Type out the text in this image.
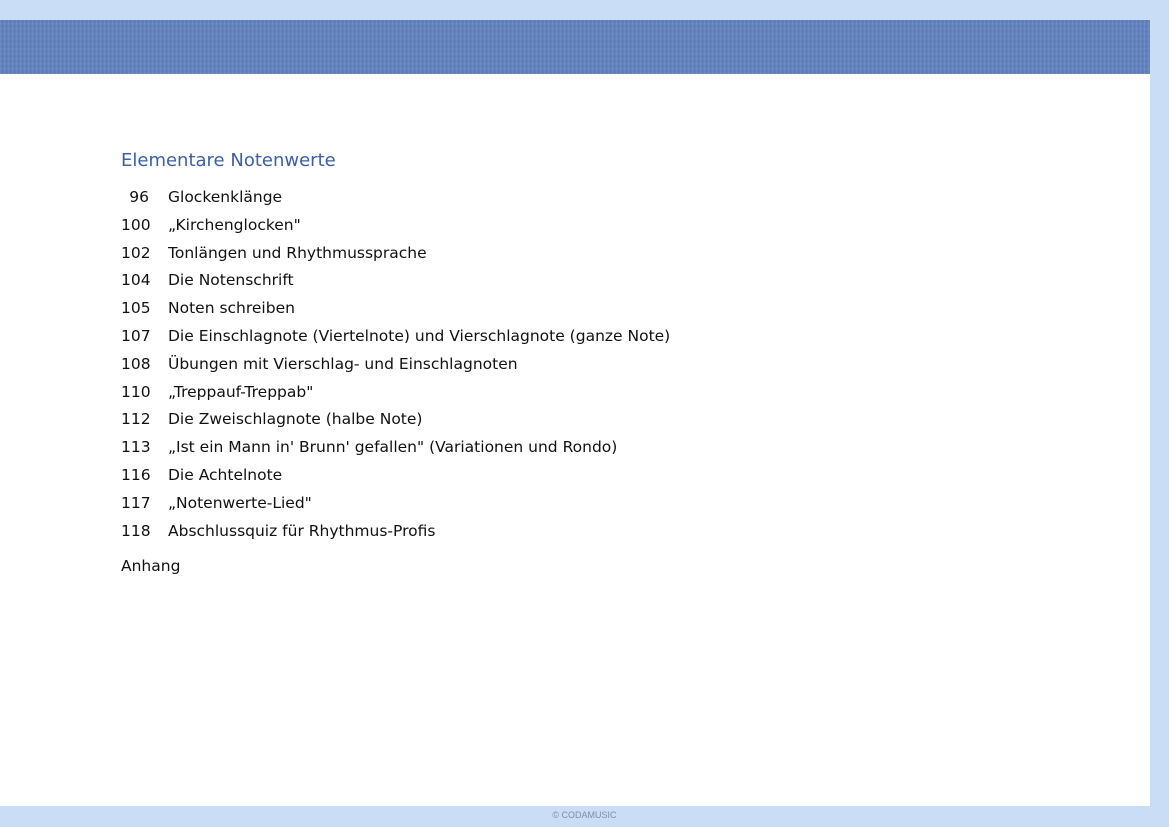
Elementare Notenwerte
96 Glockenklänge
100 „Kirchenglocken"
102 Tonlängen und Rhythmussprache
104 Die Notenschrift
105 Noten schreiben
107 Die Einschlagnote (Viertelnote) und Vierschlagnote (ganze Note)
108 Übungen mit Vierschlag- und Einschlagnoten
110 „Treppauf-Treppab"
112 Die Zweischlagnote (halbe Note)
113 „Ist ein Mann in' Brunn' gefallen" (Variationen und Rondo)
116 Die Achtelnote
117 „Notenwerte-Lied"
118 Abschlussquiz für Rhythmus-Profis
Anhang
© CODAMUSIC
